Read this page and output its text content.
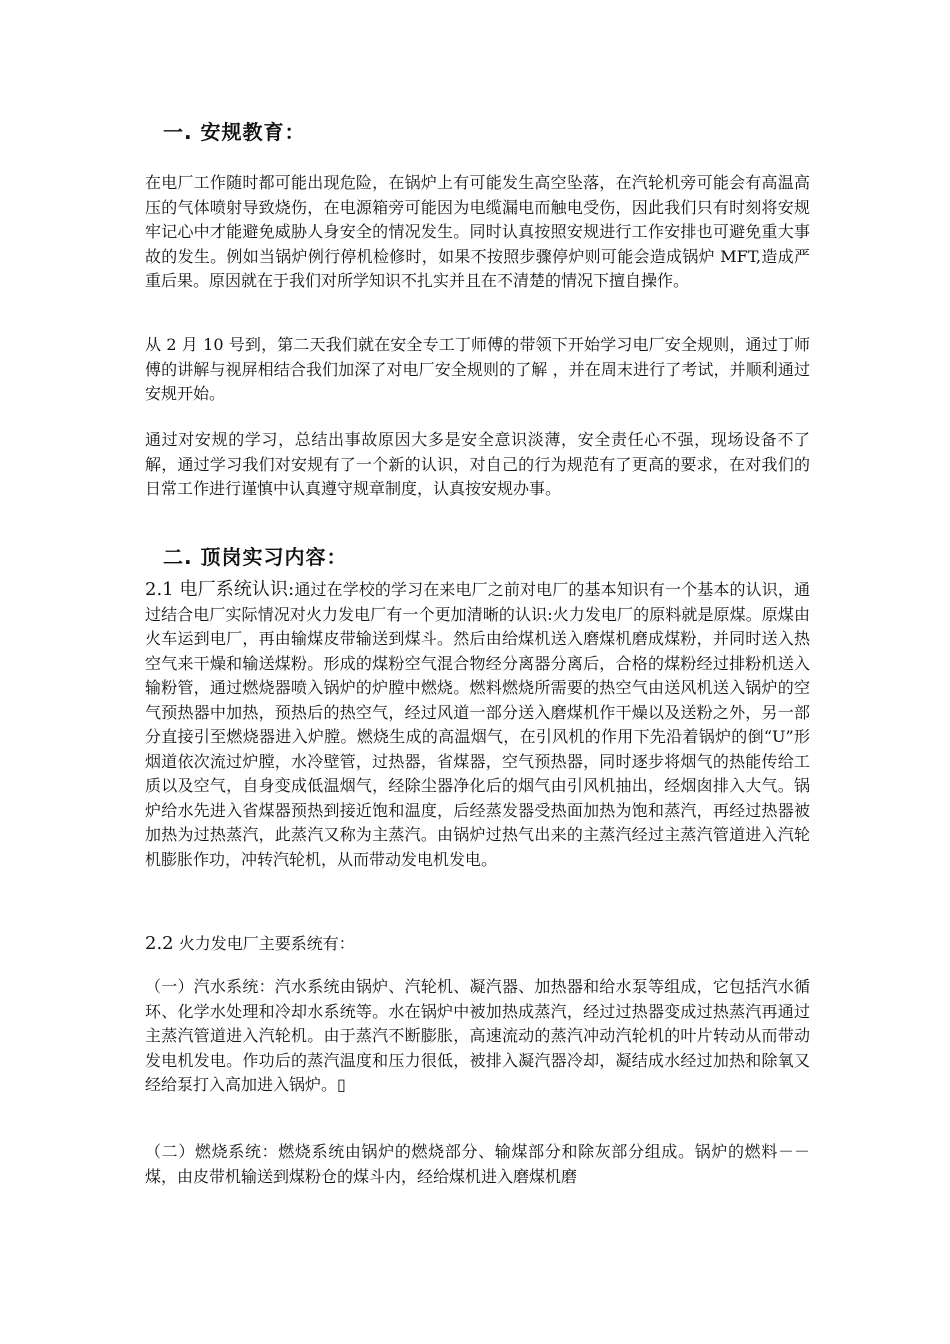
一. 安规教育：

在电厂工作随时都可能出现危险，在锅炉上有可能发生高空坠落，在汽轮机旁可能会有高温高压的气体喷射导致烧伤，在电源箱旁可能因为电缆漏电而触电受伤，因此我们只有时刻将安规牢记心中才能避免威胁人身安全的情况发生。同时认真按照安规进行工作安排也可避免重大事故的发生。例如当锅炉例行停机检修时，如果不按照步骤停炉则可能会造成锅炉 MFT,造成严重后果。原因就在于我们对所学知识不扎实并且在不清楚的情况下擅自操作。

从 2 月 10 号到，第二天我们就在安全专工丁师傅的带领下开始学习电厂安全规则，通过丁师傅的讲解与视屏相结合我们加深了对电厂安全规则的了解 ，并在周末进行了考试，并顺利通过安规开始。

通过对安规的学习，总结出事故原因大多是安全意识淡薄，安全责任心不强，现场设备不了解，通过学习我们对安规有了一个新的认识，对自己的行为规范有了更高的要求，在对我们的日常工作进行谨慎中认真遵守规章制度，认真按安规办事。

二. 顶岗实习内容：

2.1 电厂系统认识:通过在学校的学习在来电厂之前对电厂的基本知识有一个基本的认识，通过结合电厂实际情况对火力发电厂有一个更加清晰的认识:火力发电厂的原料就是原煤。原煤由火车运到电厂，再由输煤皮带输送到煤斗。然后由给煤机送入磨煤机磨成煤粉，并同时送入热空气来干燥和输送煤粉。形成的煤粉空气混合物经分离器分离后，合格的煤粉经过排粉机送入输粉管，通过燃烧器喷入锅炉的炉膛中燃烧。燃料燃烧所需要的热空气由送风机送入锅炉的空气预热器中加热，预热后的热空气，经过风道一部分送入磨煤机作干燥以及送粉之外，另一部分直接引至燃烧器进入炉膛。燃烧生成的高温烟气，在引风机的作用下先沿着锅炉的倒“U”形烟道依次流过炉膛，水冷壁管，过热器，省煤器，空气预热器，同时逐步将烟气的热能传给工质以及空气，自身变成低温烟气，经除尘器净化后的烟气由引风机抽出，经烟囱排入大气。锅炉给水先进入省煤器预热到接近饱和温度，后经蒸发器受热面加热为饱和蒸汽，再经过热器被加热为过热蒸汽，此蒸汽又称为主蒸汽。由锅炉过热气出来的主蒸汽经过主蒸汽管道进入汽轮机膨胀作功，冲转汽轮机，从而带动发电机发电。

2.2 火力发电厂主要系统有：

（一）汽水系统：汽水系统由锅炉、汽轮机、凝汽器、加热器和给水泵等组成，它包括汽水循环、化学水处理和冷却水系统等。水在锅炉中被加热成蒸汽，经过过热器变成过热蒸汽再通过主蒸汽管道进入汽轮机。由于蒸汽不断膨胀，高速流动的蒸汽冲动汽轮机的叶片转动从而带动发电机发电。作功后的蒸汽温度和压力很低，被排入凝汽器冷却，凝结成水经过加热和除氧又经给泵打入高加进入锅炉。▯

（二）燃烧系统：燃烧系统由锅炉的燃烧部分、输煤部分和除灰部分组成。锅炉的燃料－－煤，由皮带机输送到煤粉仓的煤斗内，经给煤机进入磨煤机磨
